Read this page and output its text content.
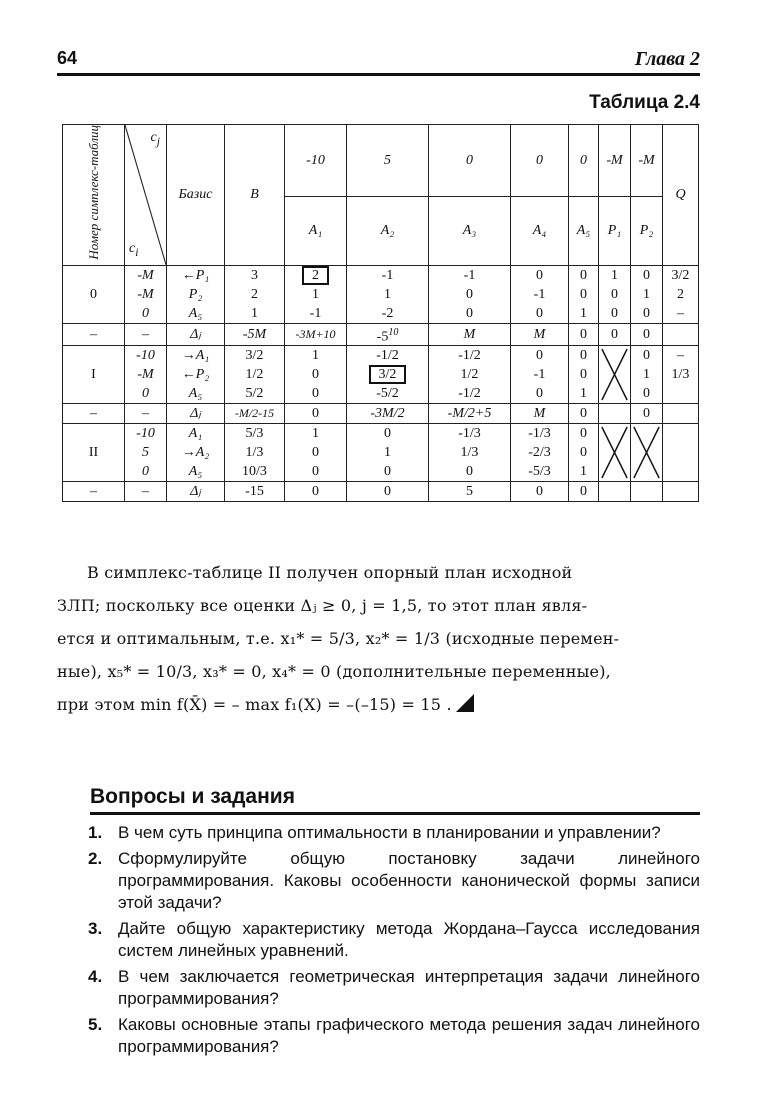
64	Глава 2
Таблица 2.4
Номер симплекс-таблиц	$c_j$
$c_i$	Базис	B	-10	5	0	0	0	-M	-M	Q
				A₁	A₂	A₃	A₄	A₅	P₁	P₂	
0	-M	←P₁	3	2	-1	-1	0	0	1	0	3/2
	-M	P₂	2	1	1	0	-1	0	0	1	2
	0	A₅	1	-1	-2	0	0	1	0	0	–
–	–	Δⱼ	-5M	-3M+10	$-5^{10}$	M	M	0	0	0	
I	-10	→A₁	3/2	1	-1/2	-1/2	0	0		0	–
	-M	←P₂	1/2	0	3/2	1/2	-1	0		1	1/3
	0	A₅	5/2	0	-5/2	-1/2	0	1		0	
–	–	Δⱼ	-M/2-15	0	-3M/2	-M/2+5	M	0		0	
II	-10	A₁	5/3	1	0	-1/3	-1/3	0	

	5	→A₂	1/3	0	1	1/3	-2/3	0			
	0	A₅	10/3	0	0	0	-5/3	1			
–	–	Δⱼ	-15	0	0	5	0	0			

В симплекс-таблице II получен опорный план исходной

ЗЛП; поскольку все оценки Δⱼ ≥ 0, j = 1,5, то этот план явля-

ется и оптимальным, т.е. x₁* = 5/3, x₂* = 1/3 (исходные перемен-

ные), x₅* = 10/3, x₃* = 0, x₄* = 0 (дополнительные переменные),

при этом min f(X̄) = – max f₁(X) = –(–15) = 15 .

Вопросы и задания
1. В чем суть принципа оптимальности в планировании и управлении?
2. Сформулируйте общую постановку задачи линейного программирования. Каковы особенности канонической формы записи этой задачи?
3. Дайте общую характеристику метода Жордана–Гаусса исследования систем линейных уравнений.
4. В чем заключается геометрическая интерпретация задачи линейного программирования?
5. Каковы основные этапы графического метода решения задач линейного программирования?
